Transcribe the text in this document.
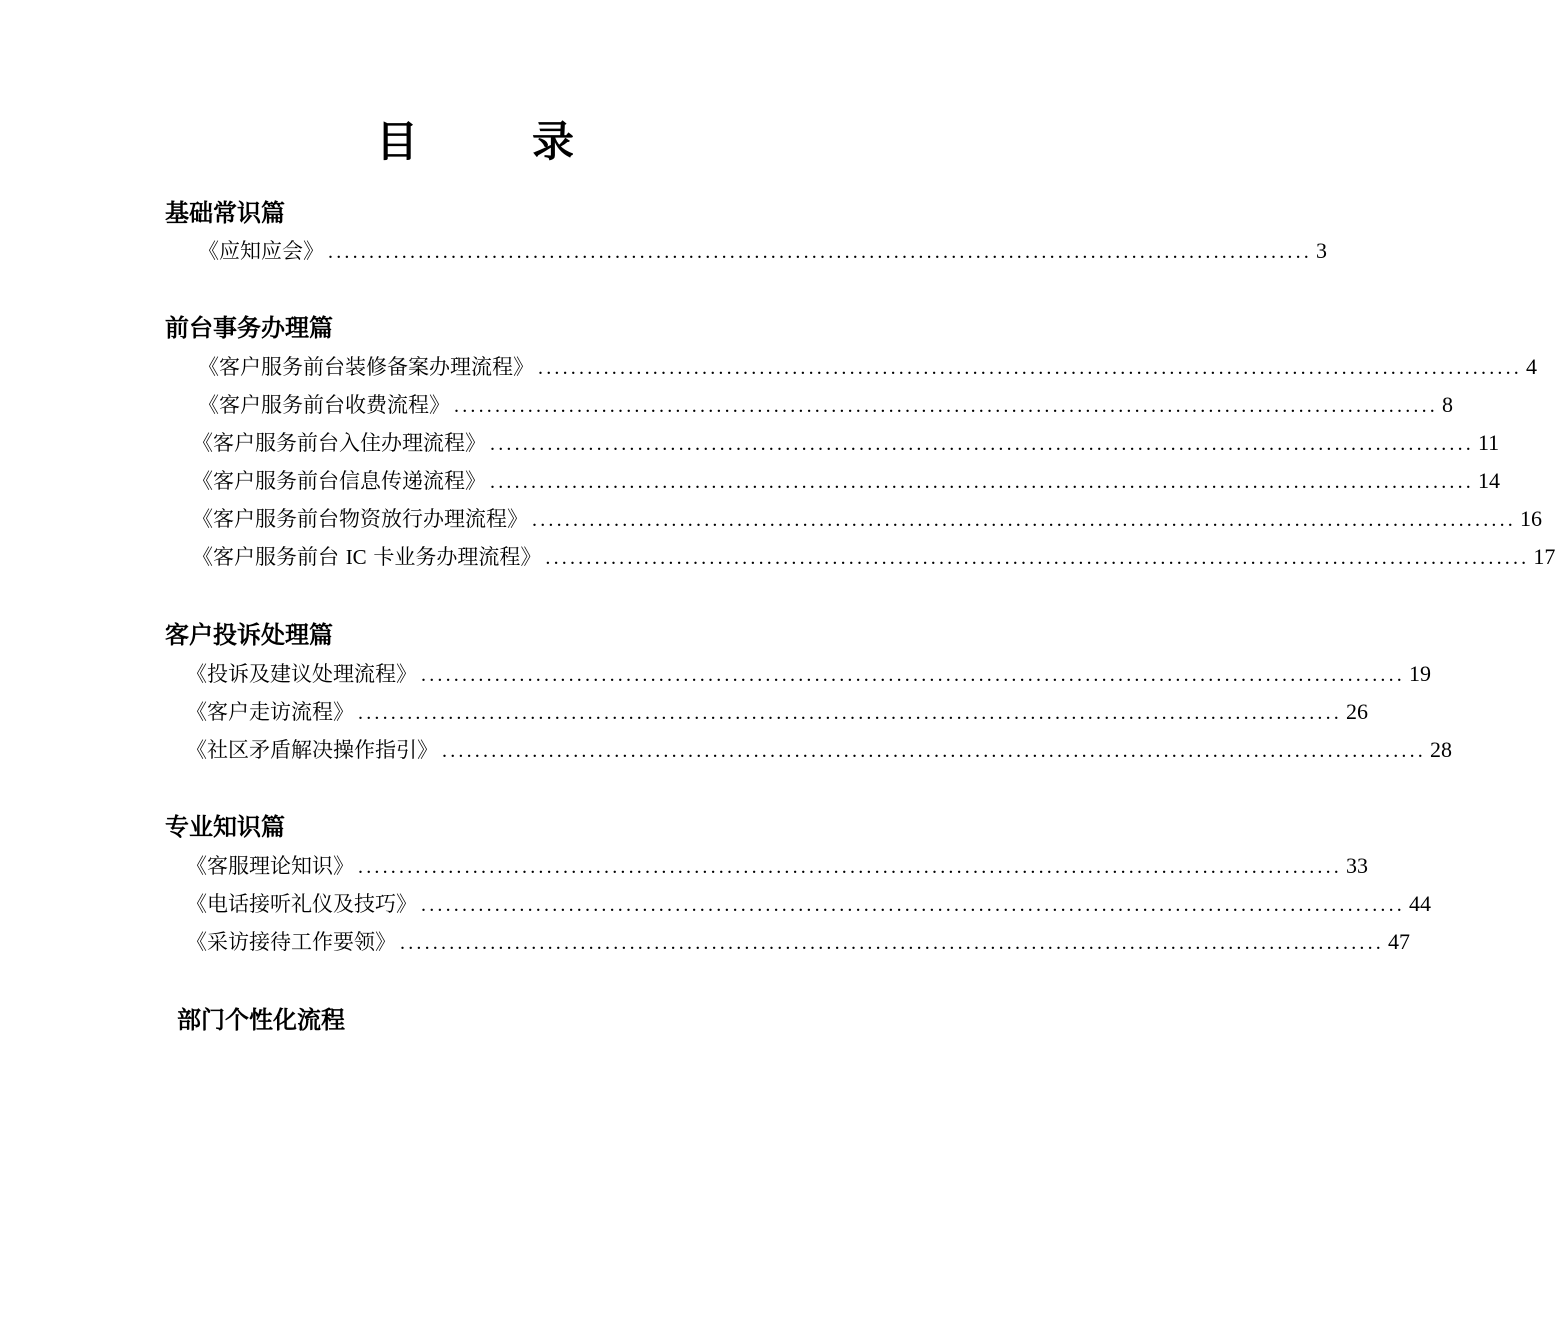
目　录
基础常识篇
《应知应会》 ........................................................................................................................ 3
前台事务办理篇
《客户服务前台装修备案办理流程》 ........................................................................................................................ 4
《客户服务前台收费流程》 ........................................................................................................................ 8
《客户服务前台入住办理流程》 ........................................................................................................................ 11
《客户服务前台信息传递流程》 ........................................................................................................................ 14
《客户服务前台物资放行办理流程》 ........................................................................................................................ 16
《客户服务前台 IC 卡业务办理流程》 ........................................................................................................................ 17
客户投诉处理篇
《投诉及建议处理流程》 ........................................................................................................................ 19
《客户走访流程》 ........................................................................................................................ 26
《社区矛盾解决操作指引》 ........................................................................................................................ 28
专业知识篇
《客服理论知识》 ........................................................................................................................ 33
《电话接听礼仪及技巧》 ........................................................................................................................ 44
《采访接待工作要领》 ........................................................................................................................ 47
部门个性化流程
